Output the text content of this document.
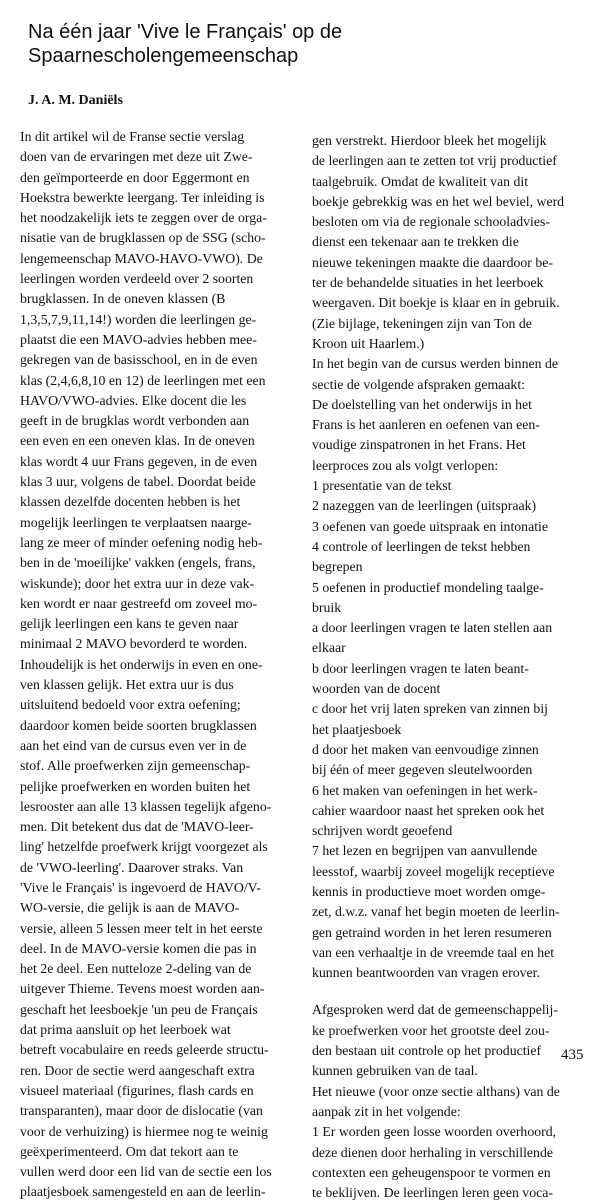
Na één jaar 'Vive le Français' op de
Spaarnescholengemeenschap
J. A. M. Daniëls
In dit artikel wil de Franse sectie verslag
doen van de ervaringen met deze uit Zwe-
den geïmporteerde en door Eggermont en
Hoekstra bewerkte leergang. Ter inleiding is
het noodzakelijk iets te zeggen over de orga-
nisatie van de brugklassen op de SSG (scho-
lengemeenschap MAVO-HAVO-VWO). De
leerlingen worden verdeeld over 2 soorten
brugklassen. In de oneven klassen (B
1,3,5,7,9,11,14!) worden die leerlingen ge-
plaatst die een MAVO-advies hebben mee-
gekregen van de basisschool, en in de even
klas (2,4,6,8,10 en 12) de leerlingen met een
HAVO/VWO-advies. Elke docent die les
geeft in de brugklas wordt verbonden aan
een even en een oneven klas. In de oneven
klas wordt 4 uur Frans gegeven, in de even
klas 3 uur, volgens de tabel. Doordat beide
klassen dezelfde docenten hebben is het
mogelijk leerlingen te verplaatsen naarge-
lang ze meer of minder oefening nodig heb-
ben in de 'moeilijke' vakken (engels, frans,
wiskunde); door het extra uur in deze vak-
ken wordt er naar gestreefd om zoveel mo-
gelijk leerlingen een kans te geven naar
minimaal 2 MAVO bevorderd te worden.
Inhoudelijk is het onderwijs in even en one-
ven klassen gelijk. Het extra uur is dus
uitsluitend bedoeld voor extra oefening;
daardoor komen beide soorten brugklassen
aan het eind van de cursus even ver in de
stof. Alle proefwerken zijn gemeenschap-
pelijke proefwerken en worden buiten het
lesrooster aan alle 13 klassen tegelijk afgeno-
men. Dit betekent dus dat de 'MAVO-leer-
ling' hetzelfde proefwerk krijgt voorgezet als
de 'VWO-leerling'. Daarover straks. Van
'Vive le Français' is ingevoerd de HAVO/V-
WO-versie, die gelijk is aan de MAVO-
versie, alleen 5 lessen meer telt in het eerste
deel. In de MAVO-versie komen die pas in
het 2e deel. Een nutteloze 2-deling van de
uitgever Thieme. Tevens moest worden aan-
geschaft het leesboekje 'un peu de Français
dat prima aansluit op het leerboek wat
betreft vocabulaire en reeds geleerde structu-
ren. Door de sectie werd aangeschaft extra
visueel materiaal (figurines, flash cards en
transparanten), maar door de dislocatie (van
voor de verhuizing) is hiermee nog te weinig
geëxperimenteerd. Om dat tekort aan te
vullen werd door een lid van de sectie een los
plaatjesboek samengesteld en aan de leerlin-
gen verstrekt. Hierdoor bleek het mogelijk
de leerlingen aan te zetten tot vrij productief
taalgebruik. Omdat de kwaliteit van dit
boekje gebrekkig was en het wel beviel, werd
besloten om via de regionale schooladvies-
dienst een tekenaar aan te trekken die
nieuwe tekeningen maakte die daardoor be-
ter de behandelde situaties in het leerboek
weergaven. Dit boekje is klaar en in gebruik.
(Zie bijlage, tekeningen zijn van Ton de
Kroon uit Haarlem.)
In het begin van de cursus werden binnen de
sectie de volgende afspraken gemaakt:
De doelstelling van het onderwijs in het
Frans is het aanleren en oefenen van een-
voudige zinspatronen in het Frans. Het
leerproces zou als volgt verlopen:
1 presentatie van de tekst
2 nazeggen van de leerlingen (uitspraak)
3 oefenen van goede uitspraak en intonatie
4 controle of leerlingen de tekst hebben
begrepen
5 oefenen in productief mondeling taalge-
bruik
a door leerlingen vragen te laten stellen aan
elkaar
b door leerlingen vragen te laten beant-
woorden van de docent
c door het vrij laten spreken van zinnen bij
het plaatjesboek
d door het maken van eenvoudige zinnen
bij één of meer gegeven sleutelwoorden
6 het maken van oefeningen in het werk-
cahier waardoor naast het spreken ook het
schrijven wordt geoefend
7 het lezen en begrijpen van aanvullende
leesstof, waarbij zoveel mogelijk receptieve
kennis in productieve moet worden omge-
zet, d.w.z. vanaf het begin moeten de leerlin-
gen getraind worden in het leren resumeren
van een verhaaltje in de vreemde taal en het
kunnen beantwoorden van vragen erover.
Afgesproken werd dat de gemeenschappelij-
ke proefwerken voor het grootste deel zou-
den bestaan uit controle op het productief
kunnen gebruiken van de taal.
Het nieuwe (voor onze sectie althans) van de
aanpak zit in het volgende:
1 Er worden geen losse woorden overhoord,
deze dienen door herhaling in verschillende
contexten een geheugenspoor te vormen en
te beklijven. De leerlingen leren geen voca-
435
